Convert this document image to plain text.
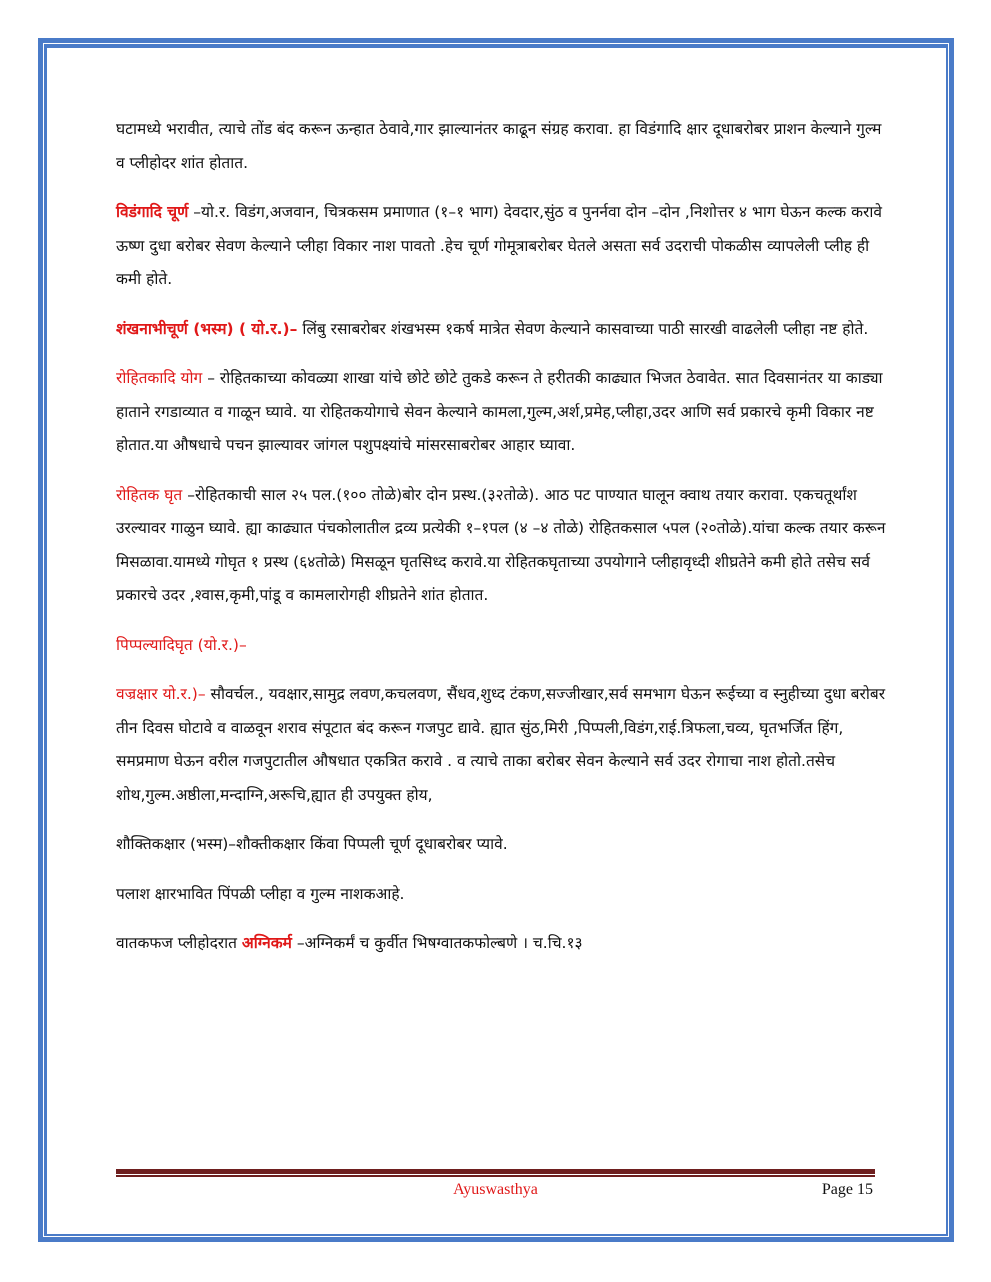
घटामध्ये भरावीत, त्याचे तोंड बंद करून ऊन्हात ठेवावे,गार झाल्यानंतर काढून संग्रह करावा. हा विडंगादि क्षार दूधाबरोबर प्राशन केल्याने गुल्म व प्लीहोदर शांत होतात.

विडंगादि चूर्ण –यो.र. विडंग,अजवान, चित्रकसम प्रमाणात (१–१ भाग) देवदार,सुंठ व पुनर्नवा दोन –दोन ,निशोत्तर ४ भाग घेऊन कल्क करावे ऊष्ण दुधा बरोबर सेवण केल्याने प्लीहा विकार नाश पावतो .हेच चूर्ण गोमूत्राबरोबर घेतले असता सर्व उदराची पोकळीस व्यापलेली प्लीह ही कमी होते.

शंखनाभीचूर्ण (भस्म) ( यो.र.)– लिंबु रसाबरोबर शंखभस्म १कर्ष मात्रेत सेवण केल्याने कासवाच्या पाठी सारखी वाढलेली प्लीहा नष्ट होते.

रोहितकादि योग – रोहितकाच्या कोवळ्या शाखा यांचे छोटे छोटे तुकडे करून ते हरीतकी काढ्यात भिजत ठेवावेत. सात दिवसानंतर या काड्या हाताने रगडाव्यात व गाळून घ्यावे. या रोहितकयोगाचे सेवन केल्याने कामला,गुल्म,अर्श,प्रमेह,प्लीहा,उदर आणि सर्व प्रकारचे कृमी विकार नष्ट होतात.या औषधाचे पचन झाल्यावर जांगल पशुपक्ष्यांचे मांसरसाबरोबर आहार घ्यावा.

रोहितक घृत –रोहितकाची साल २५ पल.(१०० तोळे)बोर दोन प्रस्थ.(३२तोळे). आठ पट पाण्यात घालून क्वाथ तयार करावा. एकचतूर्थांश उरल्यावर गाळुन घ्यावे. ह्या काढ्यात पंचकोलातील द्रव्य प्रत्येकी १–१पल (४ –४ तोळे) रोहितकसाल ५पल (२०तोळे).यांचा कल्क तयार करून मिसळावा.यामध्ये गोघृत १ प्रस्थ (६४तोळे) मिसळून घृतसिध्द करावे.या रोहितकघृताच्या उपयोगाने प्लीहावृध्दी शीघ्रतेने कमी होते तसेच सर्व प्रकारचे उदर ,श्वास,कृमी,पांडू व कामलारोगही शीघ्रतेने शांत होतात.

पिप्पल्यादिघृत (यो.र.)–

वज्रक्षार यो.र.)– सौवर्चल., यवक्षार,सामुद्र लवण,कचलवण, सैंधव,शुध्द टंकण,सज्जीखार,सर्व समभाग घेऊन रूईच्या व स्नुहीच्या दुधा बरोबर तीन दिवस घोटावे व वाळवून शराव संपूटात बंद करून गजपुट द्यावे. ह्यात सुंठ,मिरी ,पिप्पली,विडंग,राई.त्रिफला,चव्य, घृतभर्जित हिंग, समप्रमाण घेऊन वरील गजपुटातील औषधात एकत्रित करावे . व त्याचे ताका बरोबर सेवन केल्याने सर्व उदर रोगाचा नाश होतो.तसेच शोथ,गुल्म.अष्ठीला,मन्दाग्नि,अरूचि,ह्यात ही उपयुक्त होय,

शौक्तिकक्षार (भस्म)–शौक्तीकक्षार किंवा पिप्पली चूर्ण दूधाबरोबर प्यावे.

पलाश क्षारभावित पिंपळी प्लीहा व गुल्म नाशकआहे.

वातकफज प्लीहोदरात अग्निकर्म –अग्निकर्मं च कुर्वीत भिषग्वातकफोल्बणे । च.चि.१३

Ayuswasthya	Page 15
